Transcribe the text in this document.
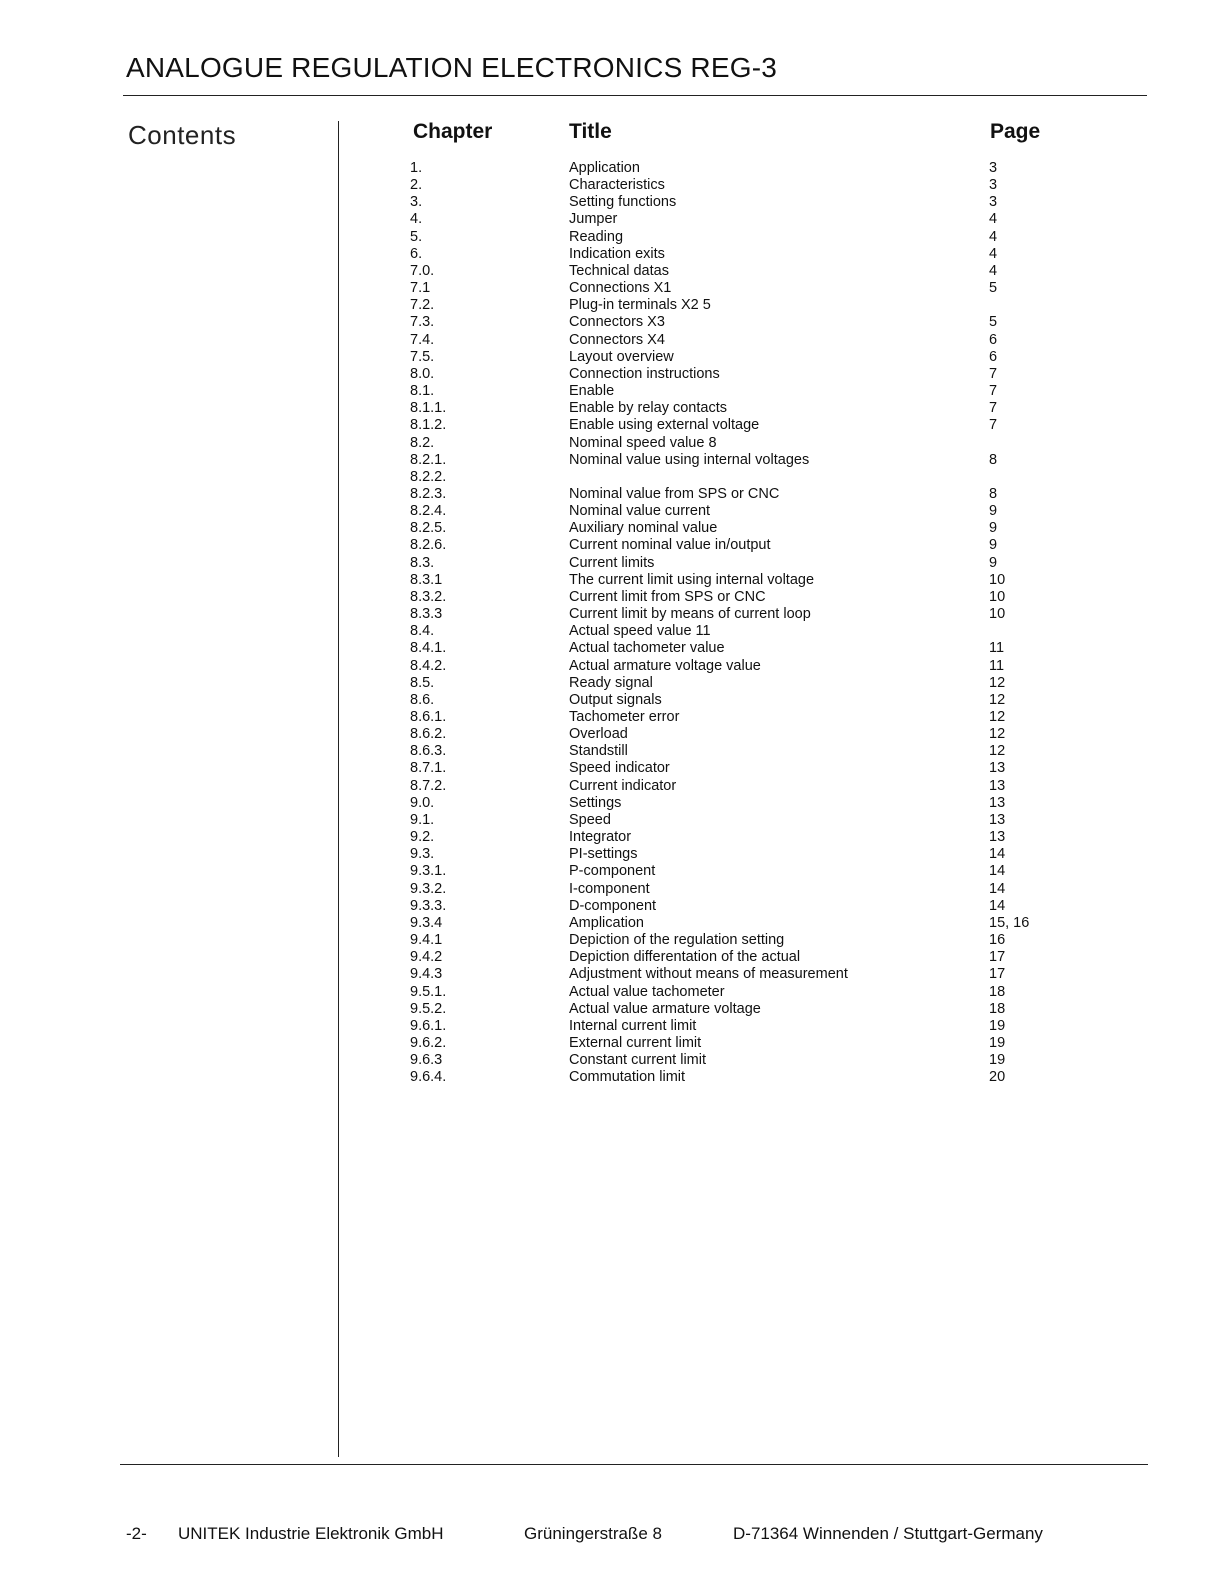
ANALOGUE REGULATION ELECTRONICS REG-3
Contents	Chapter	Title	Page
1.	Application	3
2.	Characteristics	3
3.	Setting functions	3
4.	Jumper	4
5.	Reading	4
6.	Indication exits	4
7.0.	Technical datas	4
7.1	Connections X1	5
7.2.	Plug-in terminals X2 5
7.3.	Connectors X3	5
7.4.	Connectors X4	6
7.5.	Layout overview	6
8.0.	Connection instructions	7
8.1.	Enable	7
8.1.1.	Enable by relay contacts	7
8.1.2.	Enable using external voltage	7
8.2.	Nominal speed value 8
8.2.1.	Nominal value using internal voltages	8
8.2.2.
8.2.3.	Nominal value from SPS or CNC	8
8.2.4.	Nominal value current	9
8.2.5.	Auxiliary nominal value	9
8.2.6.	Current nominal value in/output	9
8.3.	Current limits	9
8.3.1	The current limit using internal voltage	10
8.3.2.	Current limit from SPS or CNC	10
8.3.3	Current limit by means of current loop	10
8.4.	Actual speed value 11
8.4.1.	Actual tachometer value	11
8.4.2.	Actual armature voltage value	11
8.5.	Ready signal	12
8.6.	Output signals	12
8.6.1.	Tachometer error	12
8.6.2.	Overload	12
8.6.3.	Standstill	12
8.7.1.	Speed indicator	13
8.7.2.	Current indicator	13
9.0.	Settings	13
9.1.	Speed	13
9.2.	Integrator	13
9.3.	PI-settings	14
9.3.1.	P-component	14
9.3.2.	I-component	14
9.3.3.	D-component	14
9.3.4	Amplication	15, 16
9.4.1	Depiction of the regulation setting	16
9.4.2	Depiction differentation of the actual	17
9.4.3	Adjustment without means of measurement	17
9.5.1.	Actual value tachometer	18
9.5.2.	Actual value armature voltage	18
9.6.1.	Internal current limit	19
9.6.2.	External current limit	19
9.6.3	Constant current limit	19
9.6.4.	Commutation limit	20
-2- UNITEK Industrie Elektronik GmbH	Grüningerstraße 8	D-71364 Winnenden / Stuttgart-Germany
